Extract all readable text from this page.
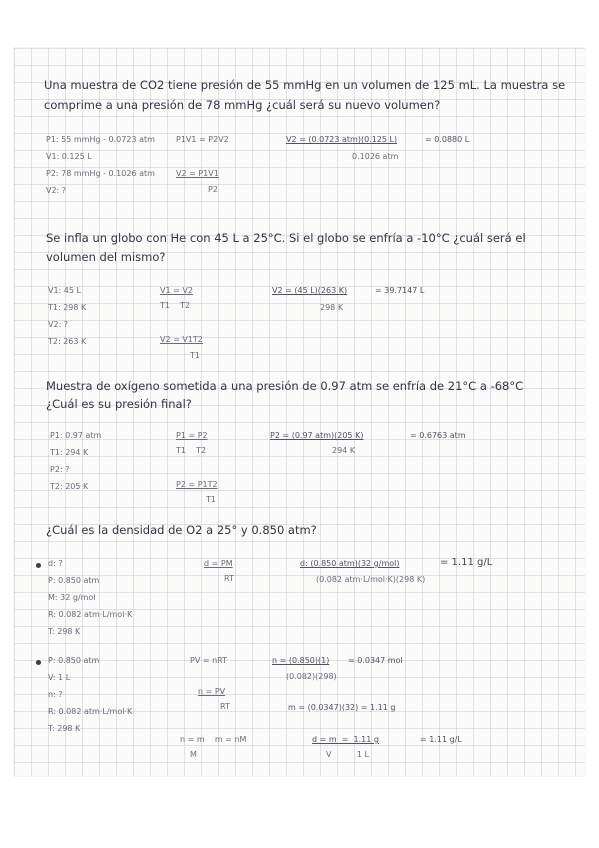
Una muestra de CO2 tiene presión de 55 mmHg en un volumen de 125 mL. La muestra se
comprime a una presión de 78 mmHg ¿cuál será su nuevo volumen?
P1: 55 mmHg - 0.0723 atm
V1: 0.125 L
P2: 78 mmHg - 0.1026 atm
V2: ?
P1V1 = P2V2
V2 = P1V1
P2
V2 = (0.0723 atm)(0.125 L)	= 0.0880 L
0.1026 atm
Se infla un globo con He con 45 L a 25°C. Si el globo se enfría a -10°C ¿cuál será el
volumen del mismo?
V1: 45 L
T1: 298 K
V2: ?
T2: 263 K
V1 = V2
T1    T2
V2 = V1T2
T1
V2 = (45 L)(263 K)	= 39.7147 L
298 K
Muestra de oxígeno sometida a una presión de 0.97 atm se enfría de 21°C a -68°C
¿Cuál es su presión final?
P1: 0.97 atm
T1: 294 K
P2: ?
T2: 205 K
P1 = P2
T1    T2
P2 = P1T2
T1
P2 = (0.97 atm)(205 K)	= 0.6763 atm
294 K
¿Cuál es la densidad de O2 a 25° y 0.850 atm?
d: ?
P: 0.850 atm
M: 32 g/mol
R: 0.082 atm·L/mol·K
T: 298 K
d = PM
RT
d: (0.850 atm)(32 g/mol)	= 1.11 g/L
(0.082 atm·L/mol·K)(298 K)
P: 0.850 atm
V: 1 L
n: ?
R: 0.082 atm·L/mol·K
T: 298 K
PV = nRT
n = PV
RT
n = m    m = nM
M
n = (0.850)(1) = 0.0347 mol
(0.082)(298)
m = (0.0347)(32) = 1.11 g
d = m  =  1.11 g	= 1.11 g/L
V          1 L
